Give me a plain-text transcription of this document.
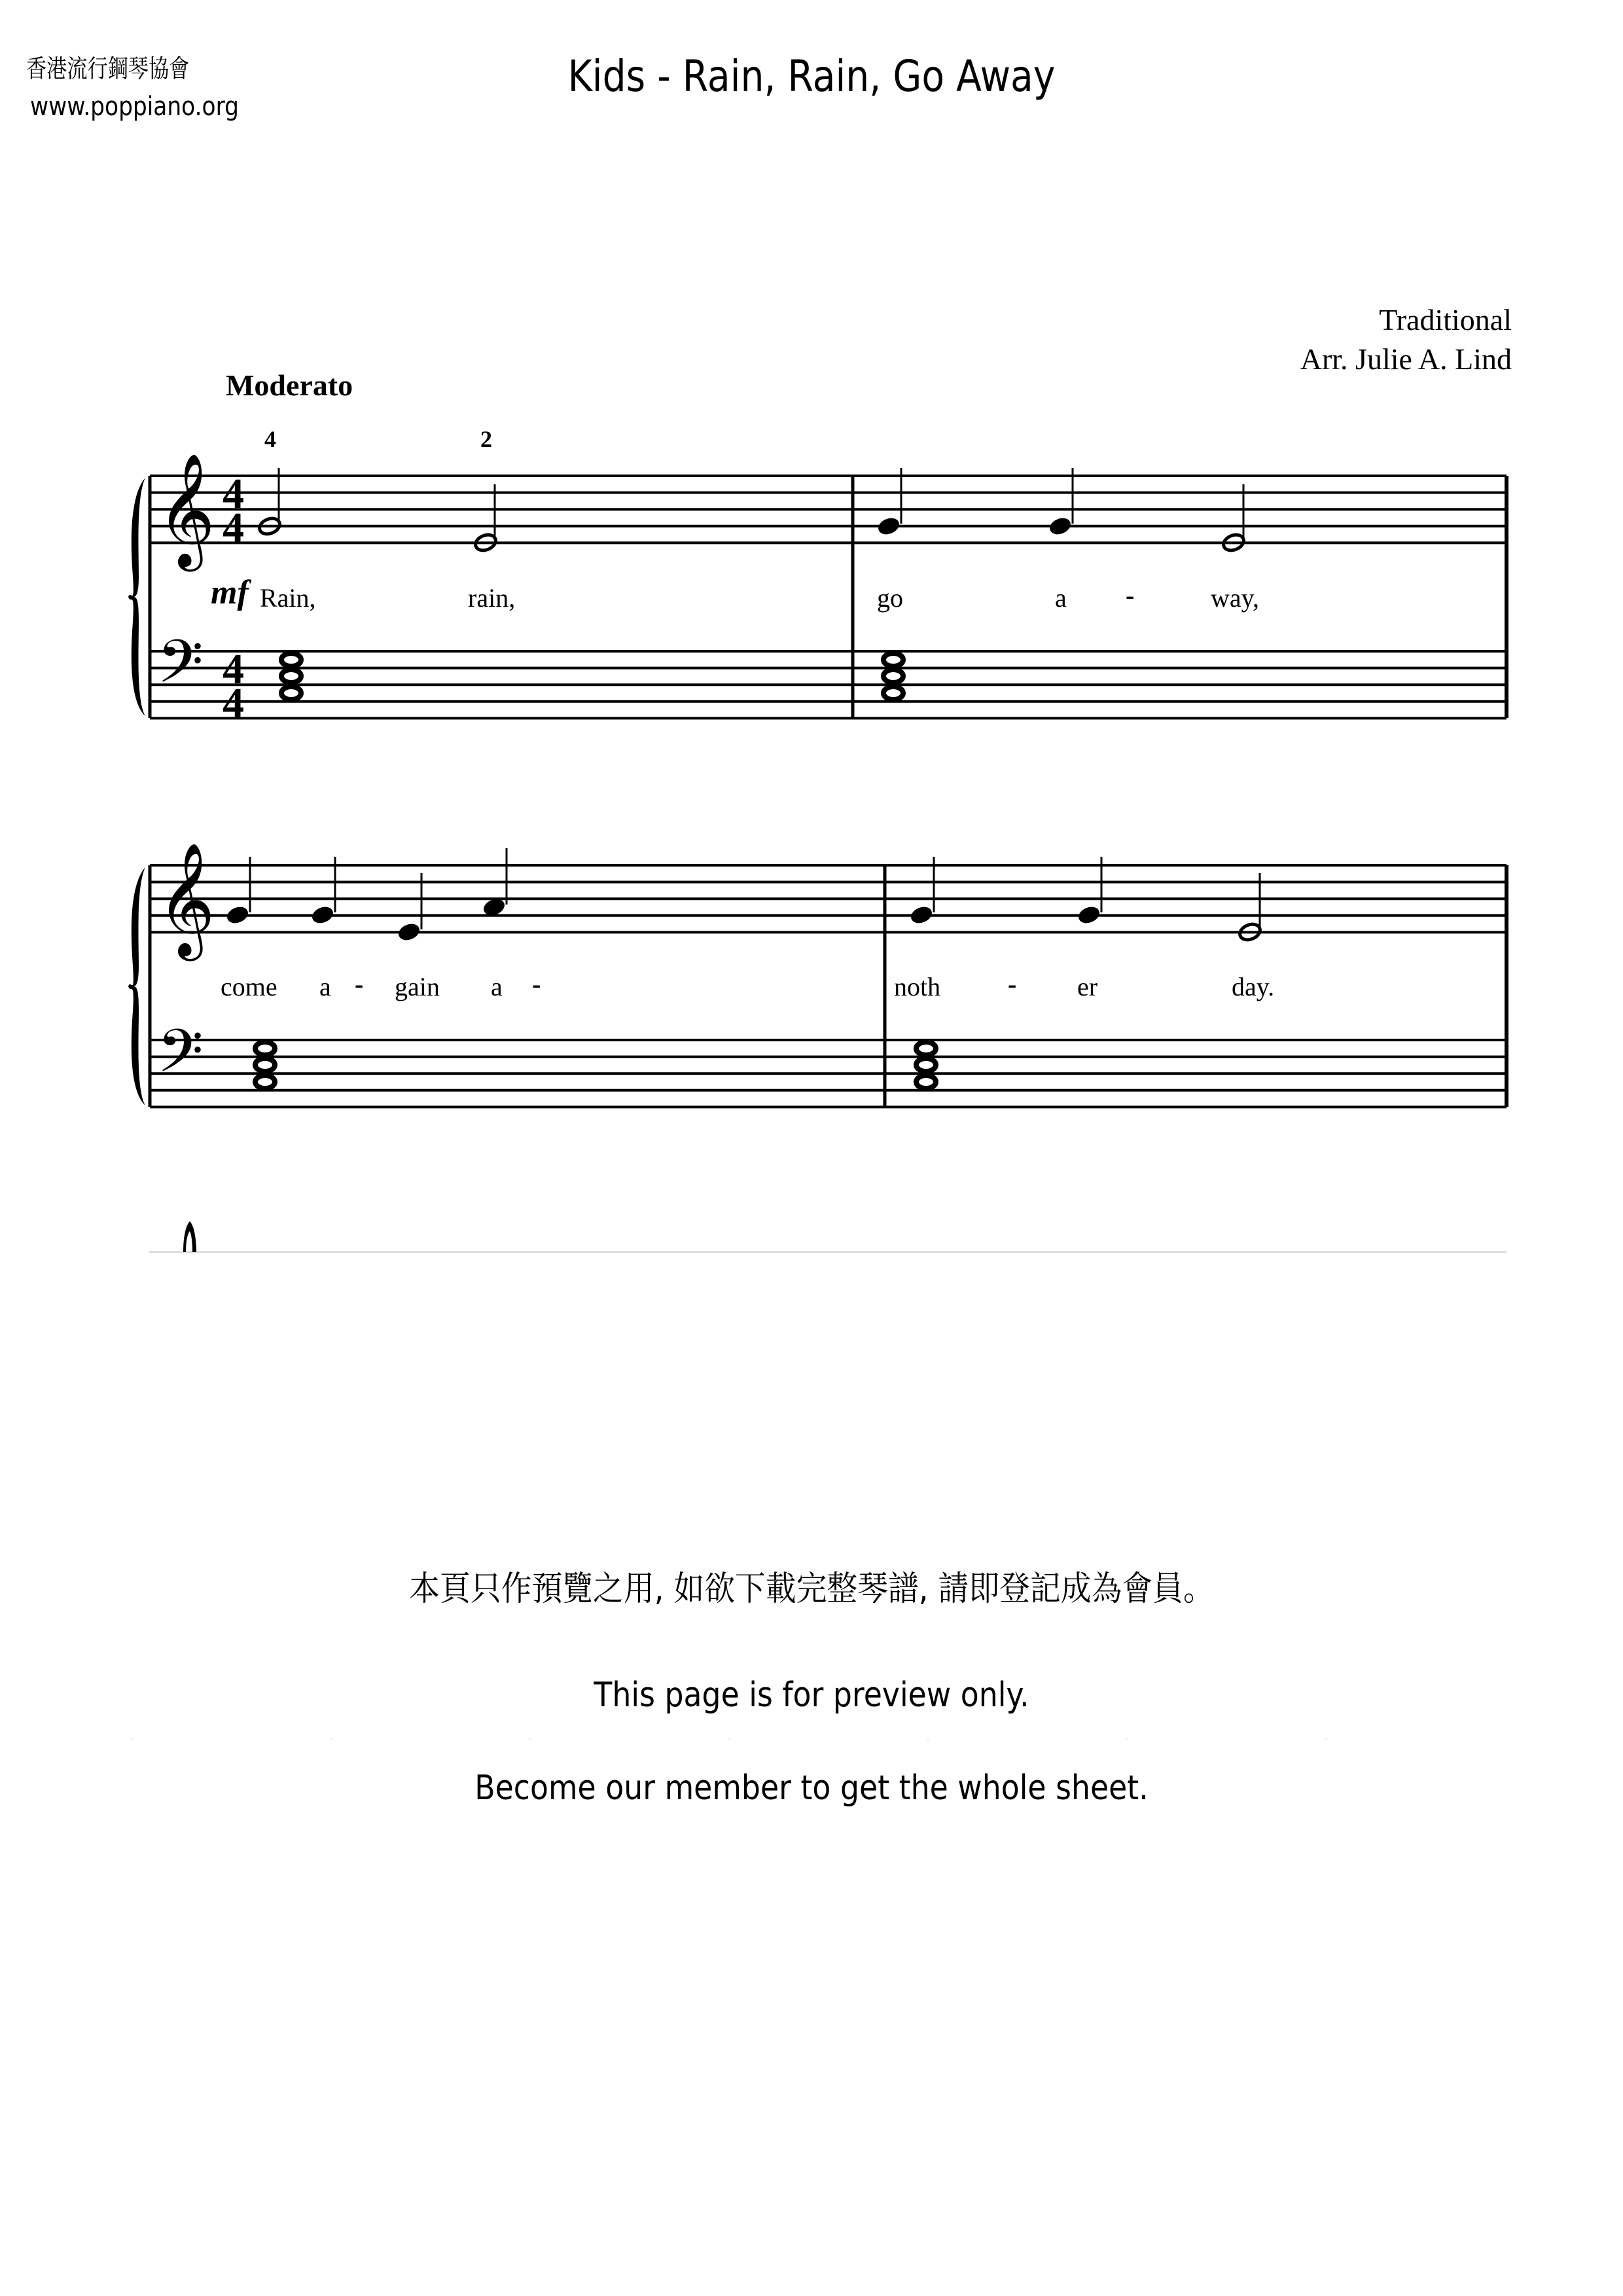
香港流行鋼琴協會
www.poppiano.org
Kids - Rain, Rain, Go Away
Traditional
Arr. Julie A. Lind
Moderato
𝄞
𝄢
𝄞
𝄢
4
4
4
4
4	2
mf Rain,	rain,	go	a -	way,
come a - gain a -	noth	- er	day.
本頁只作預覽之用, 如欲下載完整琴譜, 請即登記成為會員。
This page is for preview only.
Become our member to get the whole sheet.
